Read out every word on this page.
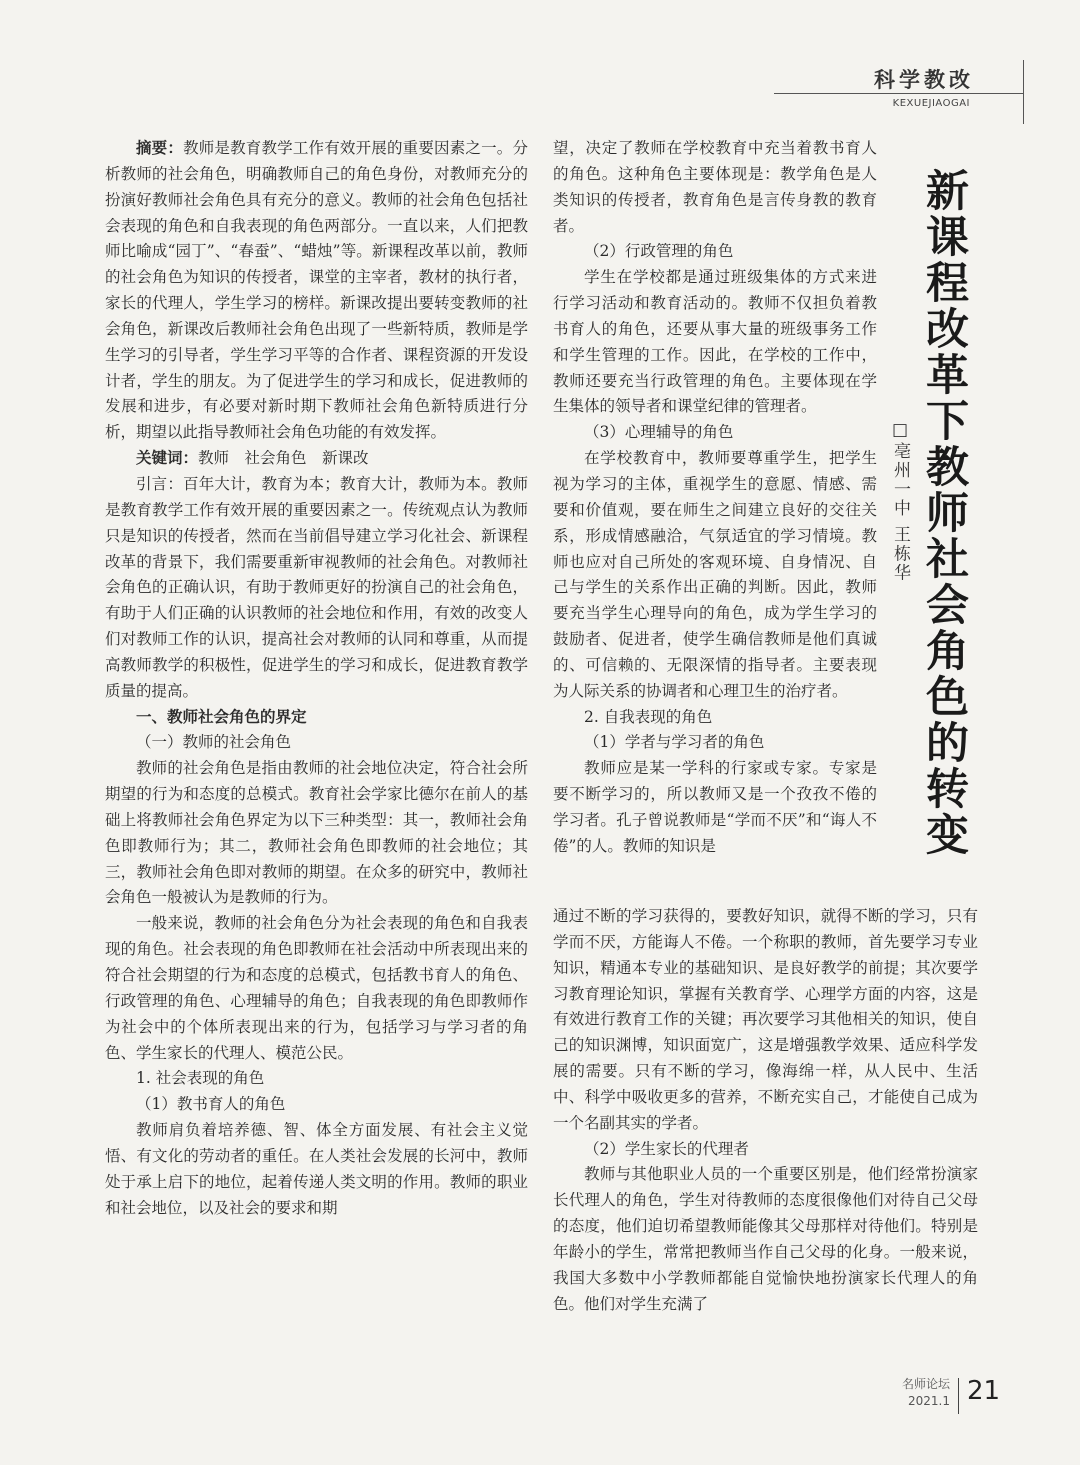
科学教改
KEXUEJIAOGAI

摘要：教师是教育教学工作有效开展的重要因素之一。分析教师的社会角色，明确教师自己的角色身份，对教师充分的扮演好教师社会角色具有充分的意义。教师的社会角色包括社会表现的角色和自我表现的角色两部分。一直以来，人们把教师比喻成“园丁”、“春蚕”、“蜡烛”等。新课程改革以前，教师的社会角色为知识的传授者，课堂的主宰者，教材的执行者，家长的代理人，学生学习的榜样。新课改提出要转变教师的社会角色，新课改后教师社会角色出现了一些新特质，教师是学生学习的引导者，学生学习平等的合作者、课程资源的开发设计者，学生的朋友。为了促进学生的学习和成长，促进教师的发展和进步，有必要对新时期下教师社会角色新特质进行分析，期望以此指导教师社会角色功能的有效发挥。

关键词：教师　社会角色　新课改

引言：百年大计，教育为本；教育大计，教师为本。教师是教育教学工作有效开展的重要因素之一。传统观点认为教师只是知识的传授者，然而在当前倡导建立学习化社会、新课程改革的背景下，我们需要重新审视教师的社会角色。对教师社会角色的正确认识，有助于教师更好的扮演自己的社会角色，有助于人们正确的认识教师的社会地位和作用，有效的改变人们对教师工作的认识，提高社会对教师的认同和尊重，从而提高教师教学的积极性，促进学生的学习和成长，促进教育教学质量的提高。

一、教师社会角色的界定

（一）教师的社会角色

教师的社会角色是指由教师的社会地位决定，符合社会所期望的行为和态度的总模式。教育社会学家比德尔在前人的基础上将教师社会角色界定为以下三种类型：其一，教师社会角色即教师行为；其二，教师社会角色即教师的社会地位；其三，教师社会角色即对教师的期望。在众多的研究中，教师社会角色一般被认为是教师的行为。

一般来说，教师的社会角色分为社会表现的角色和自我表现的角色。社会表现的角色即教师在社会活动中所表现出来的符合社会期望的行为和态度的总模式，包括教书育人的角色、行政管理的角色、心理辅导的角色；自我表现的角色即教师作为社会中的个体所表现出来的行为，包括学习与学习者的角色、学生家长的代理人、模范公民。

1. 社会表现的角色

（1）教书育人的角色

教师肩负着培养德、智、体全方面发展、有社会主义觉悟、有文化的劳动者的重任。在人类社会发展的长河中，教师处于承上启下的地位，起着传递人类文明的作用。教师的职业和社会地位，以及社会的要求和期

望，决定了教师在学校教育中充当着教书育人的角色。这种角色主要体现是：教学角色是人类知识的传授者，教育角色是言传身教的教育者。

（2）行政管理的角色

学生在学校都是通过班级集体的方式来进行学习活动和教育活动的。教师不仅担负着教书育人的角色，还要从事大量的班级事务工作和学生管理的工作。因此，在学校的工作中，教师还要充当行政管理的角色。主要体现在学生集体的领导者和课堂纪律的管理者。

（3）心理辅导的角色

在学校教育中，教师要尊重学生，把学生视为学习的主体，重视学生的意愿、情感、需要和价值观，要在师生之间建立良好的交往关系，形成情感融洽，气氛适宜的学习情境。教师也应对自己所处的客观环境、自身情况、自己与学生的关系作出正确的判断。因此，教师要充当学生心理导向的角色，成为学生学习的鼓励者、促进者，使学生确信教师是他们真诚的、可信赖的、无限深情的指导者。主要表现为人际关系的协调者和心理卫生的治疗者。

2. 自我表现的角色

（1）学者与学习者的角色

教师应是某一学科的行家或专家。专家是要不断学习的，所以教师又是一个孜孜不倦的学习者。孔子曾说教师是“学而不厌”和“诲人不倦”的人。教师的知识是

通过不断的学习获得的，要教好知识，就得不断的学习，只有学而不厌，方能诲人不倦。一个称职的教师，首先要学习专业知识，精通本专业的基础知识、是良好教学的前提；其次要学习教育理论知识，掌握有关教育学、心理学方面的内容，这是有效进行教育工作的关键；再次要学习其他相关的知识，使自己的知识渊博，知识面宽广，这是增强教学效果、适应科学发展的需要。只有不断的学习，像海绵一样，从人民中、生活中、科学中吸收更多的营养，不断充实自己，才能使自己成为一个名副其实的学者。

（2）学生家长的代理者

教师与其他职业人员的一个重要区别是，他们经常扮演家长代理人的角色，学生对待教师的态度很像他们对待自己父母的态度，他们迫切希望教师能像其父母那样对待他们。特别是年龄小的学生，常常把教师当作自己父母的化身。一般来说，我国大多数中小学教师都能自觉愉快地扮演家长代理人的角色。他们对学生充满了

新课程改革下教师社会角色的转变
□亳州一中 王栋华
名师论坛
2021.1 21
